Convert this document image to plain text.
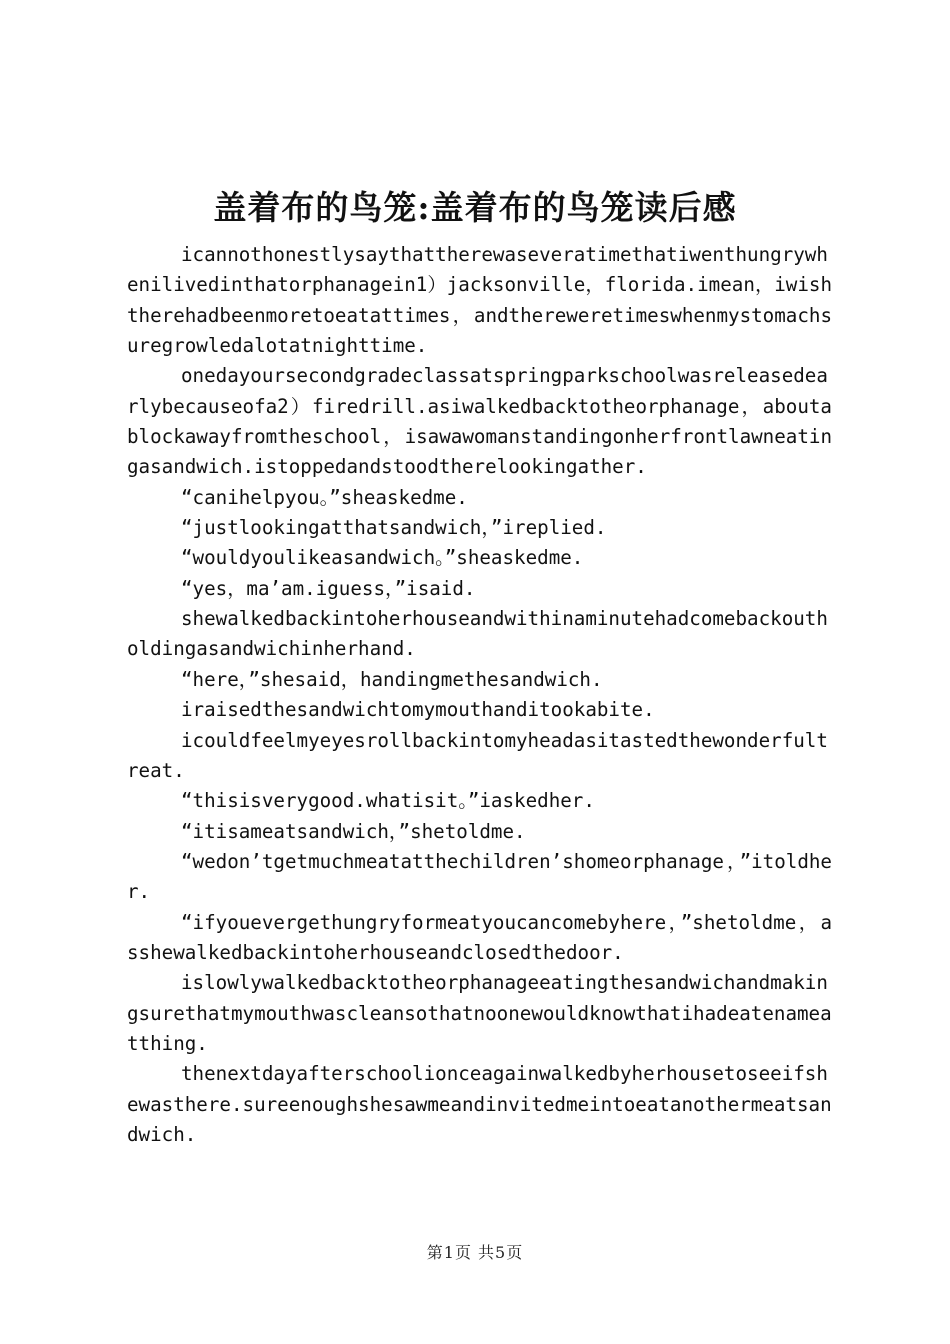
盖着布的鸟笼:盖着布的鸟笼读后感

icannothonestlysaythattherewaseveratimethatiwenthungrywhenilivedinthatorphanagein1）jacksonville，florida.imean，iwishtherehadbeenmoretoeatattimes，andthereweretimeswhenmystomachsuregrowledalotatnighttime.

onedayoursecondgradeclassatspringparkschoolwasreleasedearlybecauseofa2）firedrill.asiwalkedbacktotheorphanage，aboutablockawayfromtheschool，isawawomanstandingonherfrontlawneatingasandwich.istoppedandstoodtherelookingather.

“canihelpyou。”sheaskedme.

“justlookingatthatsandwich，”ireplied.

“wouldyoulikeasandwich。”sheaskedme.

“yes，ma’am.iguess，”isaid.

shewalkedbackintoherhouseandwithinaminutehadcomebackoutholdingasandwichinherhand.

“here，”shesaid，handingmethesandwich.

iraisedthesandwichtomymouthanditookabite.

icouldfeelmyeyesrollbackintomyheadasitastedthewonderfultreat.

“thisisverygood.whatisit。”iaskedher.

“itisameatsandwich，”shetoldme.

“wedon’tgetmuchmeatatthechildren’shomeorphanage，”itoldher.

“ifyouevergethungryformeatyoucancomebyhere，”shetoldme，asshewalkedbackintoherhouseandclosedthedoor.

islowlywalkedbacktotheorphanageeatingthesandwichandmakingsurethatmymouthwascleansothatnoonewouldknowthatihadeatenameatthing.

thenextdayafterschoolionceagainwalkedbyherhousetoseeifshewasthere.sureenoughshesawmeandinvitedmeintoeatanothermeatsandwich.

第1页 共5页
